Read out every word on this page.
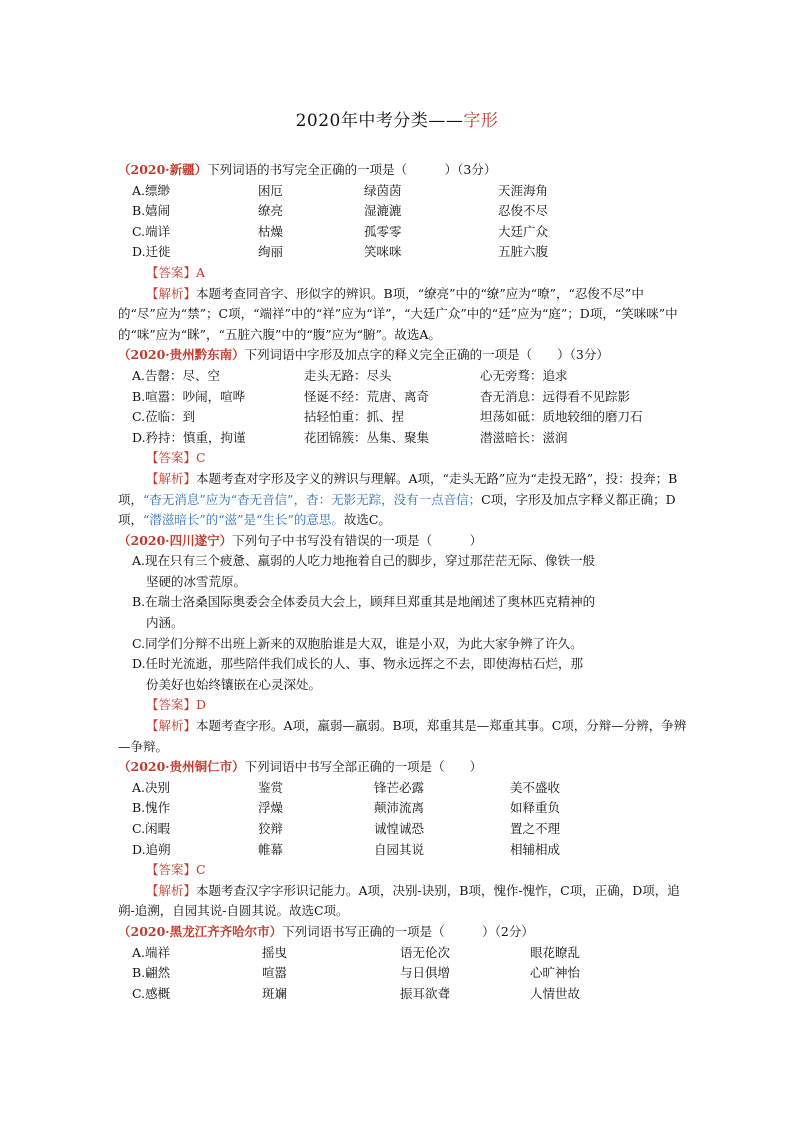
2020年中考分类——字形

（2020·新疆）下列词语的书写完全正确的一项是（　　　）（3分）

A.缥缈	困厄	绿茵茵	天涯海角
B.嬉闹	缭亮	湿漉漉	忍俊不尽
C.端详	枯燥	孤零零	大廷广众
D.迁徙	绚丽	笑咪咪	五脏六腹
【答案】A
【解析】本题考查同音字、形似字的辨识。B项，“缭亮”中的“缭”应为“嘹”，“忍俊不尽”中的“尽”应为“禁”；C项，“端祥”中的“祥”应为“详”，“大廷广众”中的“廷”应为“庭”；D项，“笑咪咪”中的“咪”应为“眯”，“五脏六腹”中的“腹”应为“腑”。故选A。

（2020·贵州黔东南）下列词语中字形及加点字的释义完全正确的一项是（　　）（3分）

A.告罄：尽、空	走头无路：尽头	心无旁骛：追求
B.喧嚣：吵闹，喧哗	怪诞不经：荒唐、离奇	杳无消息：远得看不见踪影
C.莅临：到	拈轻怕重：抓、捏	坦荡如砥：质地较细的磨刀石
D.矜持：慎重，拘谨	花团锦簇：丛集、聚集	潜滋暗长：滋润
【答案】C
【解析】本题考查对字形及字义的辨识与理解。A项，“走头无路”应为“走投无路”，投：投奔；B项，“杳无消息”应为“杳无音信”，杳：无影无踪，没有一点音信；C项，字形及加点字释义都正确；D项，“潜滋暗长”的“滋”是“生长”的意思。故选C。

（2020·四川遂宁）下列句子中书写没有错误的一项是（　　　）

A.现在只有三个疲惫、羸弱的人吃力地拖着自己的脚步，穿过那茫茫无际、像铁一般
坚硬的冰雪荒原。
B.在瑞士洛桑国际奥委会全体委员大会上，顾拜旦郑重其是地阐述了奥林匹克精神的
内涵。
C.同学们分辩不出班上新来的双胞胎谁是大双，谁是小双，为此大家争辨了许久。
D.任时光流逝，那些陪伴我们成长的人、事、物永远挥之不去，即使海枯石烂，那
份美好也始终镶嵌在心灵深处。
【答案】D
【解析】本题考查字形。A项，羸弱—羸弱。B项，郑重其是—郑重其事。C项，分辩—分辨，争辨—争辩。

（2020·贵州铜仁市）下列词语中书写全部正确的一项是（　　）

A.决别	鉴赏	锋芒必露	美不盛收
B.愧作	浮燥	颠沛流离	如释重负
C.闲暇	狡辩	诚惶诚恐	置之不理
D.追朔	帷幕	自园其说	相辅相成
【答案】C
【解析】本题考查汉字字形识记能力。A项，决别-诀别，B项，愧作-愧怍，C项，正确，D项，追朔-追溯，自园其说-自圆其说。故选C项。

（2020·黑龙江齐齐哈尔市）下列词语书写正确的一项是（　　　）（2分）

A.端祥	摇曳	语无伦次	眼花瞭乱
B.翩然	喧嚣	与日俱增	心旷神怡
C.感概	斑斓	振耳欲聋	人情世故
